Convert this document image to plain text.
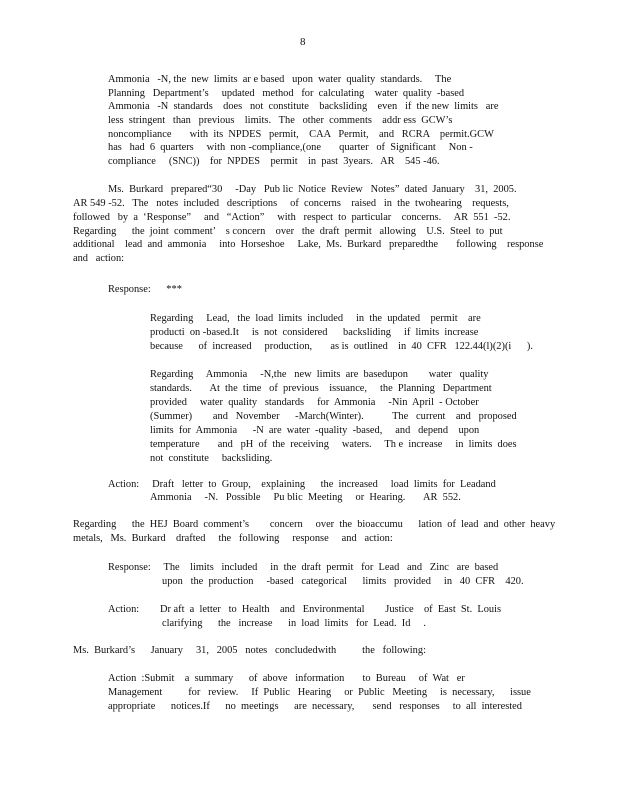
8
Ammonia   -N, the  new  limits  ar e based   upon  water  quality  standards.     The
Planning   Department’s     updated   method   for  calculating    water  quality  -based
Ammonia   -N  standards    does   not  constitute    backsliding    even   if  the new  limits   are
less  stringent   than   previous    limits.   The   other  comments    addr ess  GCW’s
noncompliance       with  its  NPDES   permit,    CAA   Permit,    and   RCRA    permit.GCW
has   had  6  quarters     with  non -compliance,(one       quarter   of  Significant     Non -
compliance     (SNC))    for  NPDES    permit    in  past  3years.   AR    545 -46.
Ms.  Burkard   prepared“30     -Day   Pub lic  Notice  Review   Notes”  dated  January    31,  2005.
AR 549 -52.   The   notes  included   descriptions     of  concerns    raised   in  the  twohearing    requests,
followed   by  a  ‘Response”     and   “Action”     with   respect  to  particular    concerns.     AR  551  -52.
Regarding      the  joint  comment’    s concern    over   the  draft  permit   allowing    U.S.  Steel  to  put
additional    lead  and  ammonia     into  Horseshoe     Lake,  Ms.  Burkard   preparedthe       following    response
and   action:
Response:      ***
Regarding     Lead,   the  load  limits  included     in  the  updated    permit    are
producti  on -based.It     is  not  considered      backsliding     if  limits  increase
because      of  increased     production,       as is  outlined    in  40  CFR   122.44(l)(2)(i      ).
Regarding     Ammonia     -N,the   new  limits  are  basedupon        water   quality
standards.       At  the  time   of  previous    issuance,     the  Planning   Department
provided     water  quality   standards     for  Ammonia     -Nin  April  - October
(Summer)        and   November      -March(Winter).           The   current    and   proposed
limits  for  Ammonia      -N  are  water  -quality  -based,     and   depend    upon
temperature       and   pH  of  the  receiving     waters.     Th e  increase     in  limits  does
not  constitute     backsliding.
Action:     Draft   letter  to  Group,    explaining      the  increased     load  limits  for  Leadand
Ammonia     -N.   Possible     Pu blic  Meeting     or  Hearing.       AR  552.
Regarding      the  HEJ  Board  comment’s        concern     over  the  bioaccumu      lation  of  lead  and  other  heavy
metals,   Ms.  Burkard    drafted     the   following     response     and   action:
Response:     The    limits   included     in  the  draft  permit   for  Lead   and   Zinc   are  based
upon   the  production     -based   categorical      limits   provided     in   40  CFR    420.
Action:        Dr aft  a  letter   to  Health    and   Environmental        Justice    of  East  St.  Louis
clarifying      the   increase      in  load  limits   for  Lead.  Id     .
Ms.  Burkard’s      January     31,   2005   notes   concludedwith          the   following:
Action  :Submit    a  summary      of  above   information       to  Bureau     of  Wat   er
Management          for   review.     If  Public   Hearing     or  Public   Meeting     is  necessary,      issue
appropriate      notices.If      no  meetings      are  necessary,       send   responses     to  all  interested
